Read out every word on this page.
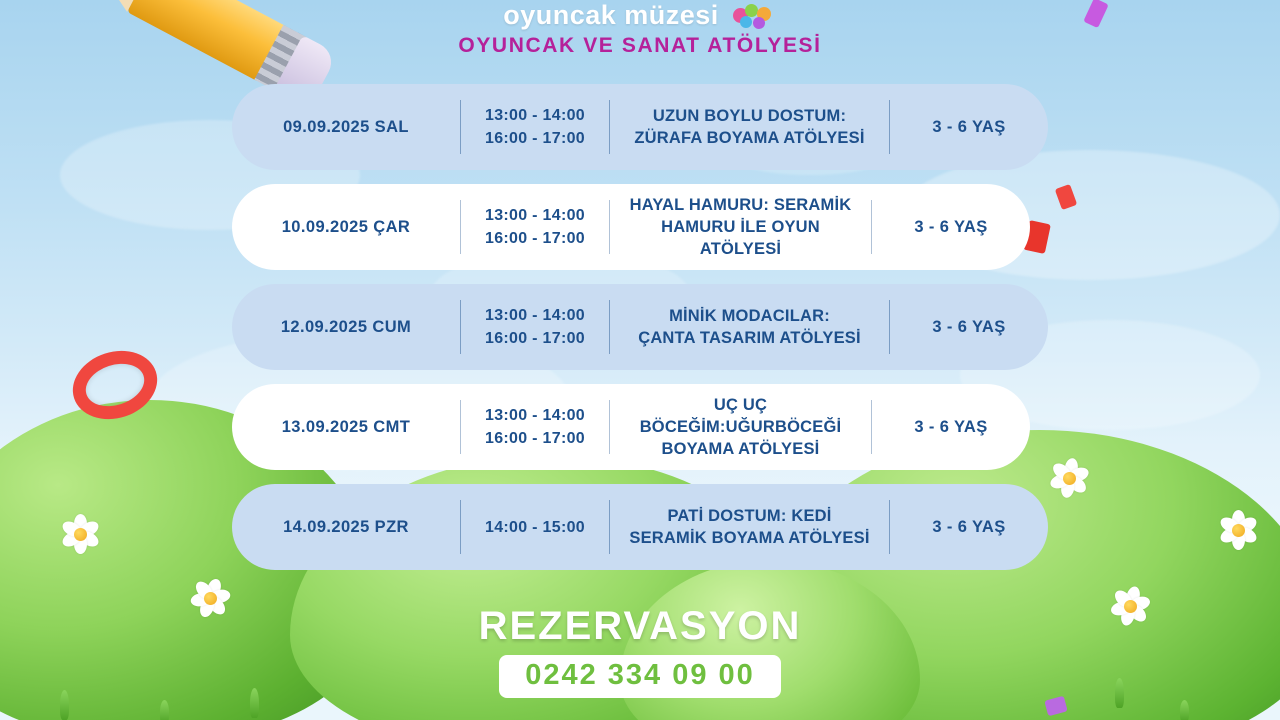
oyuncak müzesi
OYUNCAK VE SANAT ATÖLYESİ
09.09.2025 SAL
13:00 - 14:00
16:00 - 17:00
UZUN BOYLU DOSTUM:
ZÜRAFA BOYAMA ATÖLYESİ
3 - 6 YAŞ
10.09.2025 ÇAR
13:00 - 14:00
16:00 - 17:00
HAYAL HAMURU: SERAMİK
HAMURU İLE OYUN ATÖLYESİ
3 - 6 YAŞ
12.09.2025 CUM
13:00 - 14:00
16:00 - 17:00
MİNİK MODACILAR:
ÇANTA TASARIM ATÖLYESİ
3 - 6 YAŞ
13.09.2025 CMT
13:00 - 14:00
16:00 - 17:00
UÇ UÇ BÖCEĞİM:UĞURBÖCEĞİ
BOYAMA ATÖLYESİ
3 - 6 YAŞ
14.09.2025 PZR	14:00 - 15:00
PATİ DOSTUM: KEDİ
SERAMİK BOYAMA ATÖLYESİ
3 - 6 YAŞ
REZERVASYON
0242 334 09 00
